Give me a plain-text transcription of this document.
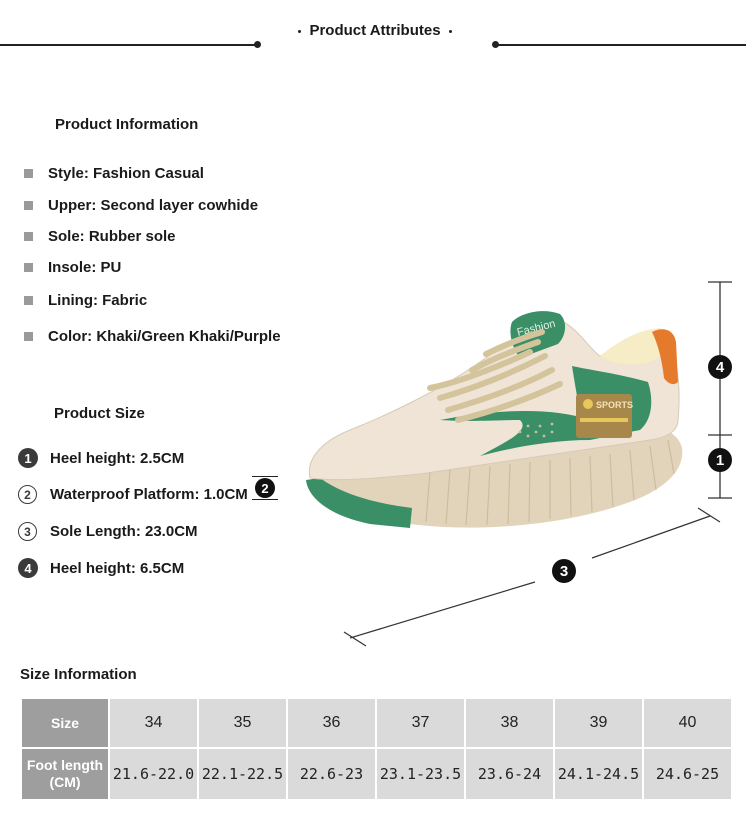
Product Attributes
Product Information
Style: Fashion Casual
Upper: Second layer cowhide
Sole: Rubber sole
Insole: PU
Lining: Fabric
Color: Khaki/Green Khaki/Purple
Product Size
1	Heel height: 2.5CM
2	Waterproof Platform: 1.0CM
3	Sole Length: 23.0CM
4	Heel height: 6.5CM
2
Fashion
SPORTS
4
1
3
Size Information
Size	34	35	36	37	38	39	40
Foot length (CM)	21.6-22.0	22.1-22.5	22.6-23	23.1-23.5	23.6-24	24.1-24.5	24.6-25
